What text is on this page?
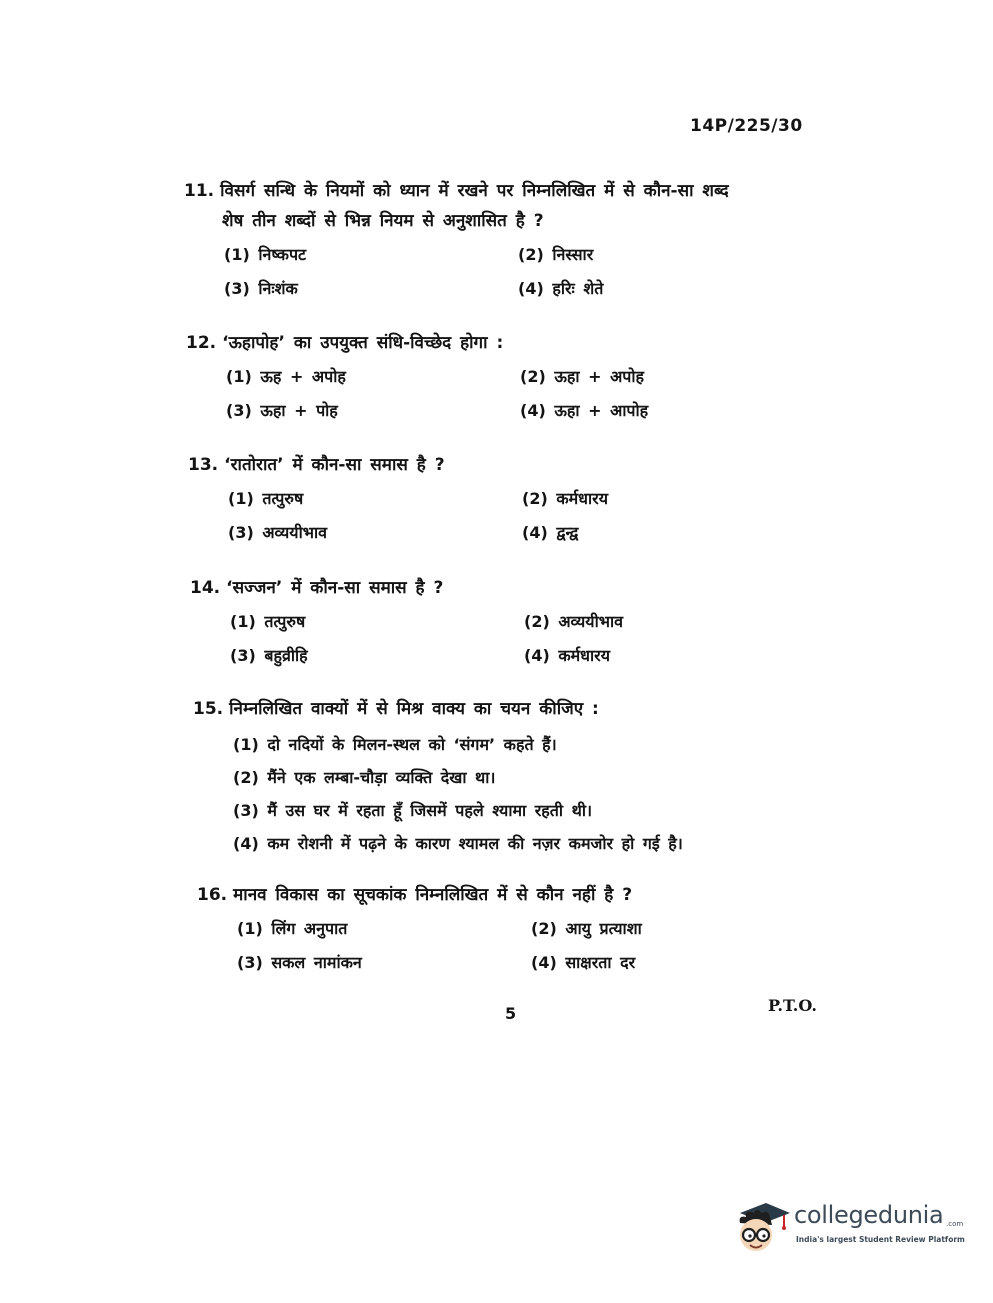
14P/225/30
11. विसर्ग सन्धि के नियमों को ध्यान में रखने पर निम्नलिखित में से कौन-सा शब्द
शेष तीन शब्दों से भिन्न नियम से अनुशासित है ?
(1) निष्कपट	(2) निस्सार
(3) निःशंक	(4) हरिः शेते
12. ‘ऊहापोह’ का उपयुक्त संधि-विच्छेद होगा :
(1) ऊह + अपोह	(2) ऊहा + अपोह
(3) ऊहा + पोह	(4) ऊहा + आपोह
13. ‘रातोरात’ में कौन-सा समास है ?
(1) तत्पुरुष	(2) कर्मधारय
(3) अव्ययीभाव	(4) द्वन्द्व
14. ‘सज्जन’ में कौन-सा समास है ?
(1) तत्पुरुष	(2) अव्ययीभाव
(3) बहुव्रीहि	(4) कर्मधारय
15. निम्नलिखित वाक्यों में से मिश्र वाक्य का चयन कीजिए :
(1) दो नदियों के मिलन-स्थल को ‘संगम’ कहते हैं।
(2) मैंने एक लम्बा-चौड़ा व्यक्ति देखा था।
(3) मैं उस घर में रहता हूँ जिसमें पहले श्यामा रहती थी।
(4) कम रोशनी में पढ़ने के कारण श्यामल की नज़र कमजोर हो गई है।
16. मानव विकास का सूचकांक निम्नलिखित में से कौन नहीं है ?
(1) लिंग अनुपात	(2) आयु प्रत्याशा
(3) सकल नामांकन	(4) साक्षरता दर
5	P.T.O.
collegedunia .com
India's largest Student Review Platform
